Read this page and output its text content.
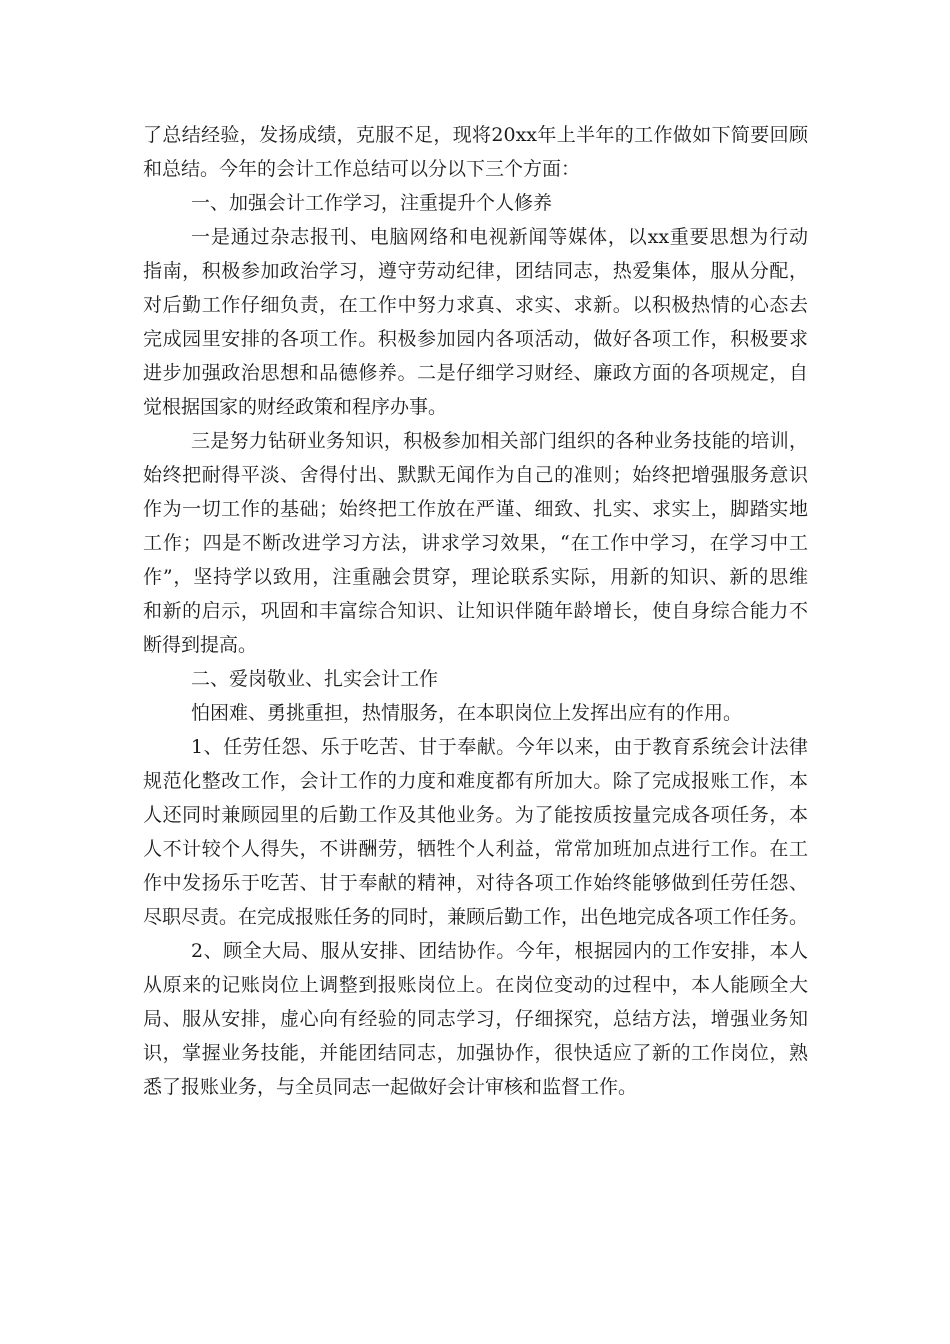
了总结经验，发扬成绩，克服不足，现将20xx年上半年的工作做如下简要回顾
和总结。今年的会计工作总结可以分以下三个方面：
一、加强会计工作学习，注重提升个人修养
一是通过杂志报刊、电脑网络和电视新闻等媒体，以xx重要思想为行动
指南，积极参加政治学习，遵守劳动纪律，团结同志，热爱集体，服从分配，
对后勤工作仔细负责，在工作中努力求真、求实、求新。以积极热情的心态去
完成园里安排的各项工作。积极参加园内各项活动，做好各项工作，积极要求
进步加强政治思想和品德修养。二是仔细学习财经、廉政方面的各项规定，自
觉根据国家的财经政策和程序办事。
三是努力钻研业务知识，积极参加相关部门组织的各种业务技能的培训，
始终把耐得平淡、舍得付出、默默无闻作为自己的准则；始终把增强服务意识
作为一切工作的基础；始终把工作放在严谨、细致、扎实、求实上，脚踏实地
工作；四是不断改进学习方法，讲求学习效果，“在工作中学习，在学习中工
作”，坚持学以致用，注重融会贯穿，理论联系实际，用新的知识、新的思维
和新的启示，巩固和丰富综合知识、让知识伴随年龄增长，使自身综合能力不
断得到提高。
二、爱岗敬业、扎实会计工作
怕困难、勇挑重担，热情服务，在本职岗位上发挥出应有的作用。
1、任劳任怨、乐于吃苦、甘于奉献。今年以来，由于教育系统会计法律
规范化整改工作，会计工作的力度和难度都有所加大。除了完成报账工作，本
人还同时兼顾园里的后勤工作及其他业务。为了能按质按量完成各项任务，本
人不计较个人得失，不讲酬劳，牺牲个人利益，常常加班加点进行工作。在工
作中发扬乐于吃苦、甘于奉献的精神，对待各项工作始终能够做到任劳任怨、
尽职尽责。在完成报账任务的同时，兼顾后勤工作，出色地完成各项工作任务。
2、顾全大局、服从安排、团结协作。今年，根据园内的工作安排，本人
从原来的记账岗位上调整到报账岗位上。在岗位变动的过程中，本人能顾全大
局、服从安排，虚心向有经验的同志学习，仔细探究，总结方法，增强业务知
识，掌握业务技能，并能团结同志，加强协作，很快适应了新的工作岗位，熟
悉了报账业务，与全员同志一起做好会计审核和监督工作。
